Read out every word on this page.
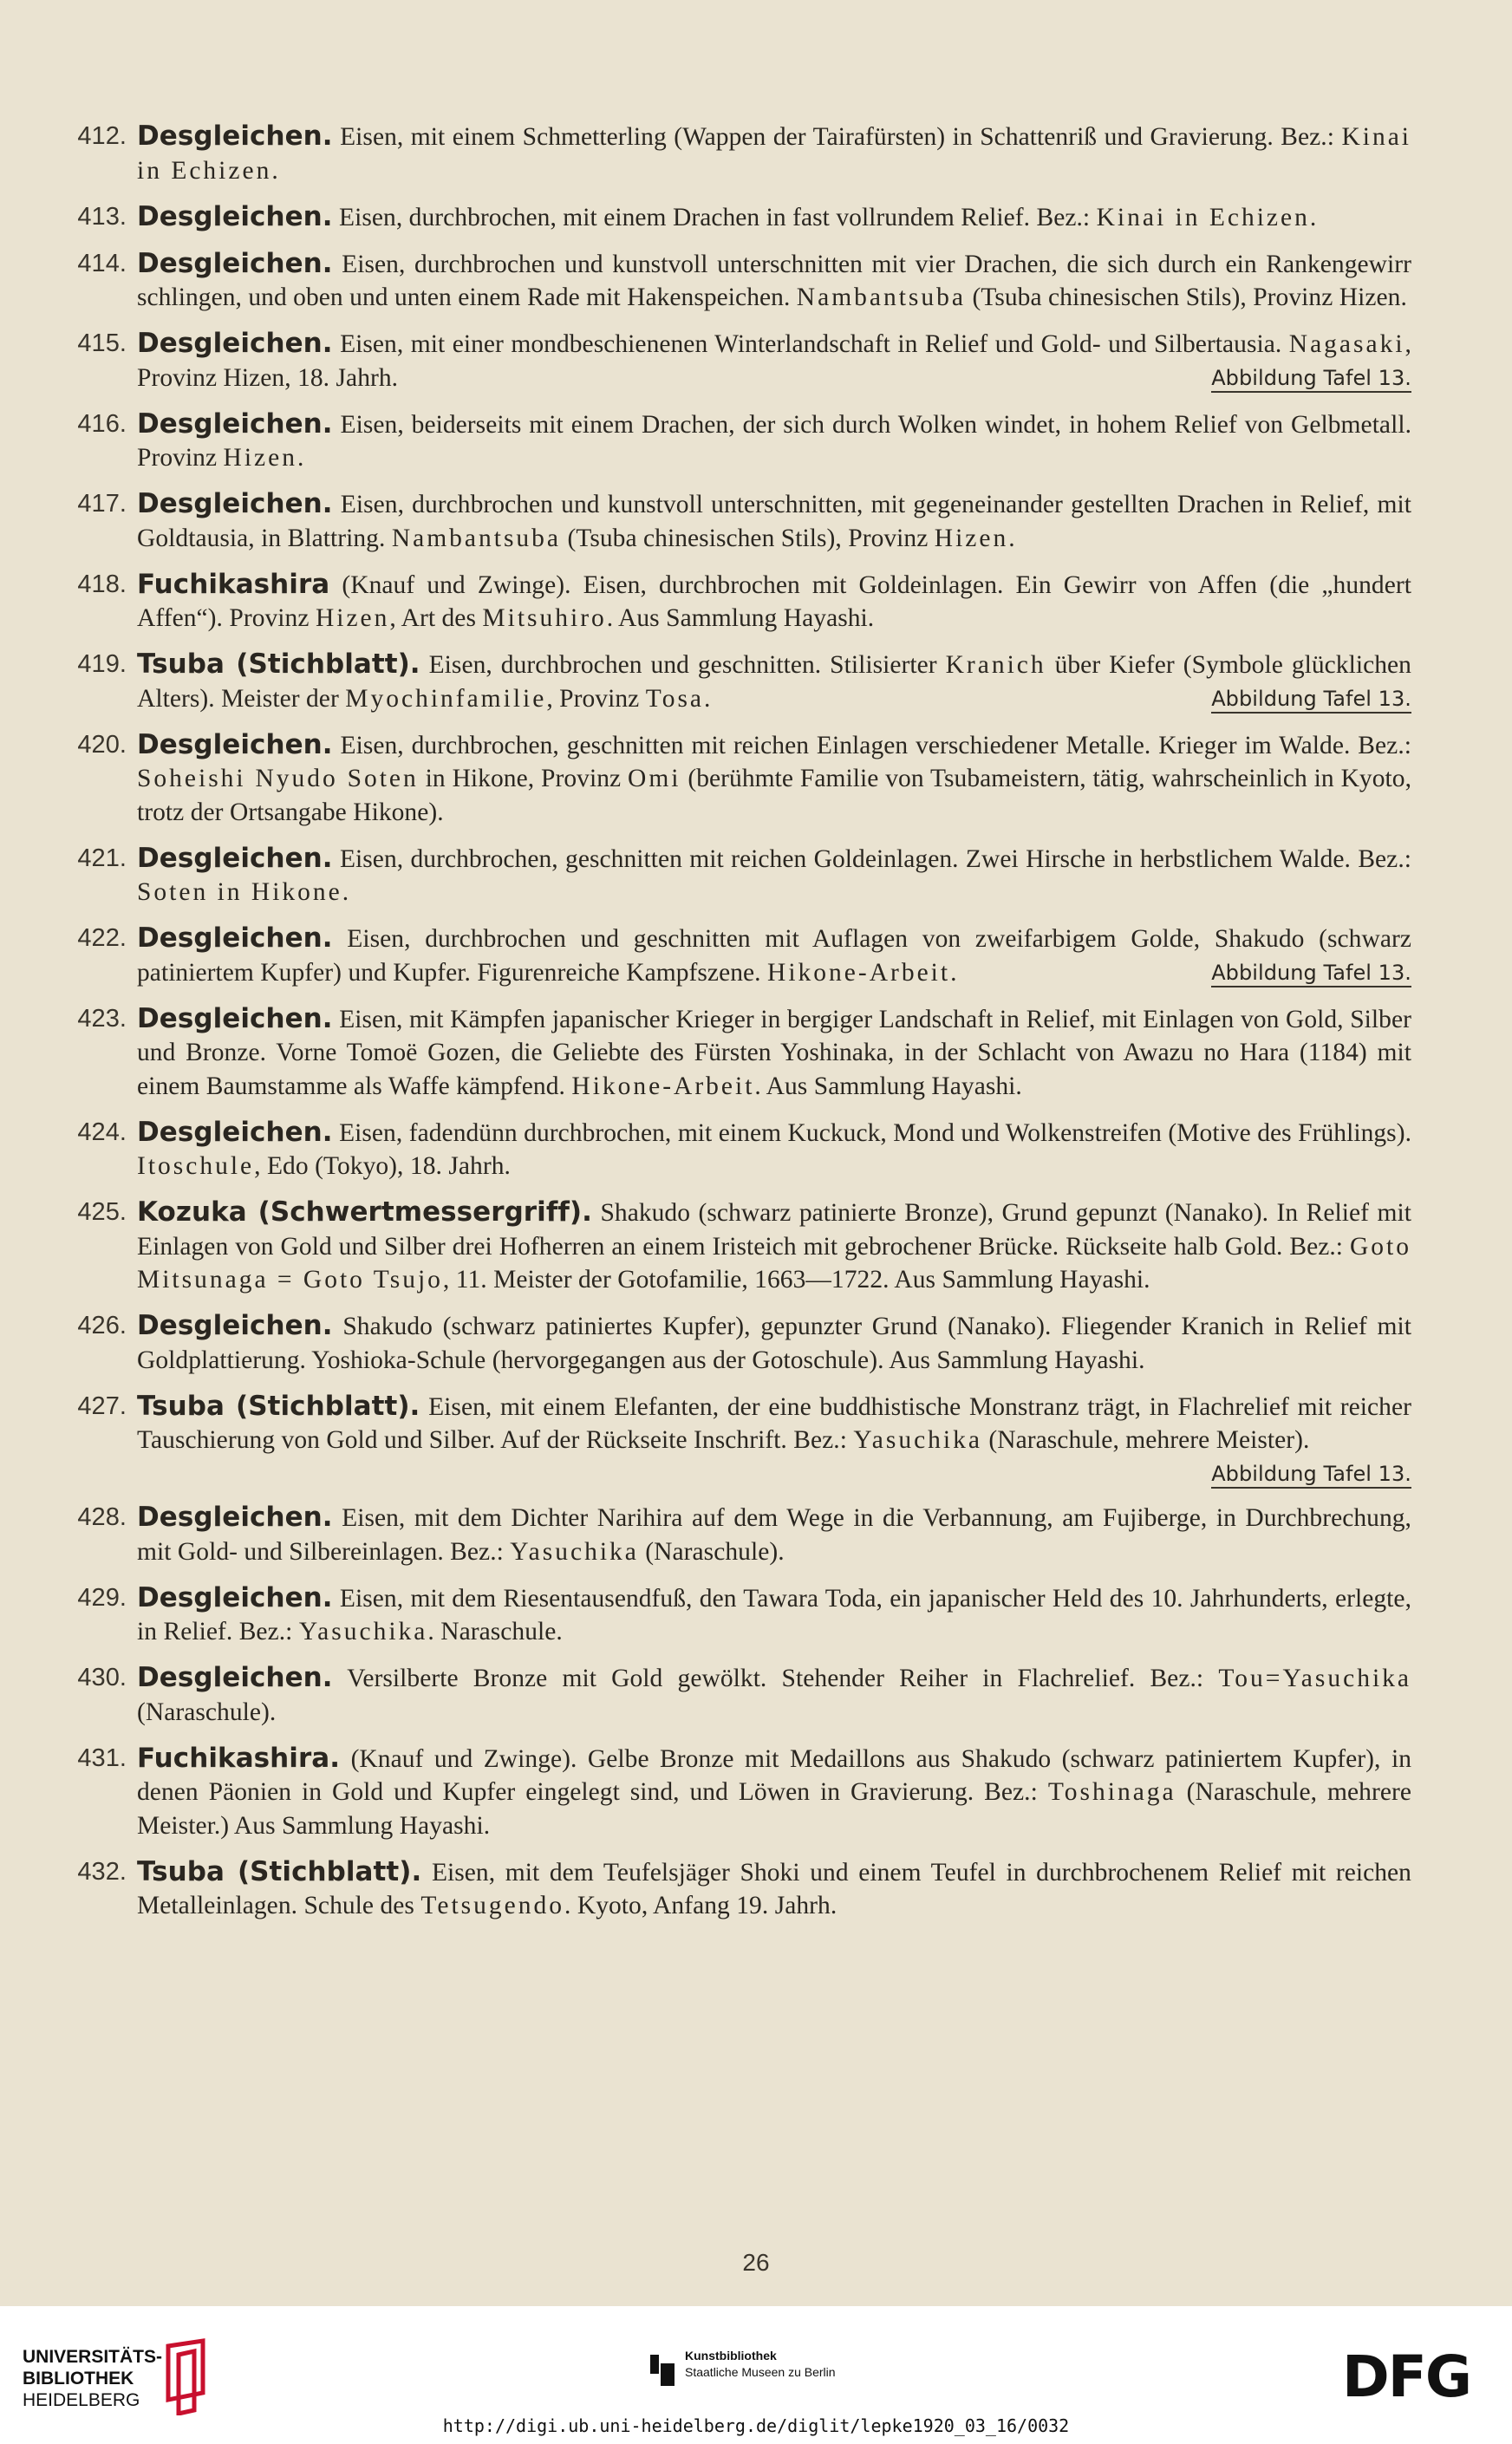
412. Desgleichen. Eisen, mit einem Schmetterling (Wappen der Tairafürsten) in Schattenriß und Gravierung. Bez.: Kinai in Echizen.
413. Desgleichen. Eisen, durchbrochen, mit einem Drachen in fast vollrundem Relief. Bez.: Kinai in Echizen.
414. Desgleichen. Eisen, durchbrochen und kunstvoll unterschnitten mit vier Drachen, die sich durch ein Rankengewirr schlingen, und oben und unten einem Rade mit Hakenspeichen. Nambantsuba (Tsuba chinesischen Stils), Provinz Hizen.
415. Desgleichen. Eisen, mit einer mondbeschienenen Winterlandschaft in Relief und Gold- und Silbertausia. Nagasaki, Provinz Hizen, 18. Jahrh.	Abbildung Tafel 13.
416. Desgleichen. Eisen, beiderseits mit einem Drachen, der sich durch Wolken windet, in hohem Relief von Gelbmetall. Provinz Hizen.
417. Desgleichen. Eisen, durchbrochen und kunstvoll unterschnitten, mit gegeneinander gestellten Drachen in Relief, mit Goldtausia, in Blattring. Nambantsuba (Tsuba chinesischen Stils), Provinz Hizen.
418. Fuchikashira (Knauf und Zwinge). Eisen, durchbrochen mit Goldeinlagen. Ein Gewirr von Affen (die „hundert Affen“). Provinz Hizen, Art des Mitsuhiro. Aus Sammlung Hayashi.
419. Tsuba (Stichblatt). Eisen, durchbrochen und geschnitten. Stilisierter Kranich über Kiefer (Symbole glücklichen Alters). Meister der Myochinfamilie, Provinz Tosa.	Abbildung Tafel 13.
420. Desgleichen. Eisen, durchbrochen, geschnitten mit reichen Einlagen verschiedener Metalle. Krieger im Walde. Bez.: Soheishi Nyudo Soten in Hikone, Provinz Omi (berühmte Familie von Tsubameistern, tätig, wahrscheinlich in Kyoto, trotz der Ortsangabe Hikone).
421. Desgleichen. Eisen, durchbrochen, geschnitten mit reichen Goldeinlagen. Zwei Hirsche in herbstlichem Walde. Bez.: Soten in Hikone.
422. Desgleichen. Eisen, durchbrochen und geschnitten mit Auflagen von zweifarbigem Golde, Shakudo (schwarz patiniertem Kupfer) und Kupfer. Figurenreiche Kampfszene. Hikone-Arbeit.	Abbildung Tafel 13.
423. Desgleichen. Eisen, mit Kämpfen japanischer Krieger in bergiger Landschaft in Relief, mit Einlagen von Gold, Silber und Bronze. Vorne Tomoë Gozen, die Geliebte des Fürsten Yoshinaka, in der Schlacht von Awazu no Hara (1184) mit einem Baumstamme als Waffe kämpfend. Hikone-Arbeit. Aus Sammlung Hayashi.
424. Desgleichen. Eisen, fadendünn durchbrochen, mit einem Kuckuck, Mond und Wolkenstreifen (Motive des Frühlings). Itoschule, Edo (Tokyo), 18. Jahrh.
425. Kozuka (Schwertmessergriff). Shakudo (schwarz patinierte Bronze), Grund gepunzt (Nanako). In Relief mit Einlagen von Gold und Silber drei Hofherren an einem Iristeich mit gebrochener Brücke. Rückseite halb Gold. Bez.: Goto Mitsunaga = Goto Tsujo, 11. Meister der Gotofamilie, 1663—1722. Aus Sammlung Hayashi.
426. Desgleichen. Shakudo (schwarz patiniertes Kupfer), gepunzter Grund (Nanako). Fliegender Kranich in Relief mit Goldplattierung. Yoshioka-Schule (hervorgegangen aus der Gotoschule). Aus Sammlung Hayashi.
427. Tsuba (Stichblatt). Eisen, mit einem Elefanten, der eine buddhistische Monstranz trägt, in Flachrelief mit reicher Tauschierung von Gold und Silber. Auf der Rückseite Inschrift. Bez.: Yasuchika (Naraschule, mehrere Meister).
Abbildung Tafel 13.
428. Desgleichen. Eisen, mit dem Dichter Narihira auf dem Wege in die Verbannung, am Fujiberge, in Durchbrechung, mit Gold- und Silbereinlagen. Bez.: Yasuchika (Naraschule).
429. Desgleichen. Eisen, mit dem Riesentausendfuß, den Tawara Toda, ein japanischer Held des 10. Jahrhunderts, erlegte, in Relief. Bez.: Yasuchika. Naraschule.
430. Desgleichen. Versilberte Bronze mit Gold gewölkt. Stehender Reiher in Flachrelief. Bez.: Tou=Yasuchika (Naraschule).
431. Fuchikashira. (Knauf und Zwinge). Gelbe Bronze mit Medaillons aus Shakudo (schwarz patiniertem Kupfer), in denen Päonien in Gold und Kupfer eingelegt sind, und Löwen in Gravierung. Bez.: Toshinaga (Naraschule, mehrere Meister.) Aus Sammlung Hayashi.
432. Tsuba (Stichblatt). Eisen, mit dem Teufelsjäger Shoki und einem Teufel in durchbrochenem Relief mit reichen Metalleinlagen. Schule des Tetsugendo. Kyoto, Anfang 19. Jahrh.
26
UNIVERSITÄTS-
BIBLIOTHEK
HEIDELBERG
Kunstbibliothek
Staatliche Museen zu Berlin	DFG
http://digi.ub.uni-heidelberg.de/diglit/lepke1920_03_16/0032
